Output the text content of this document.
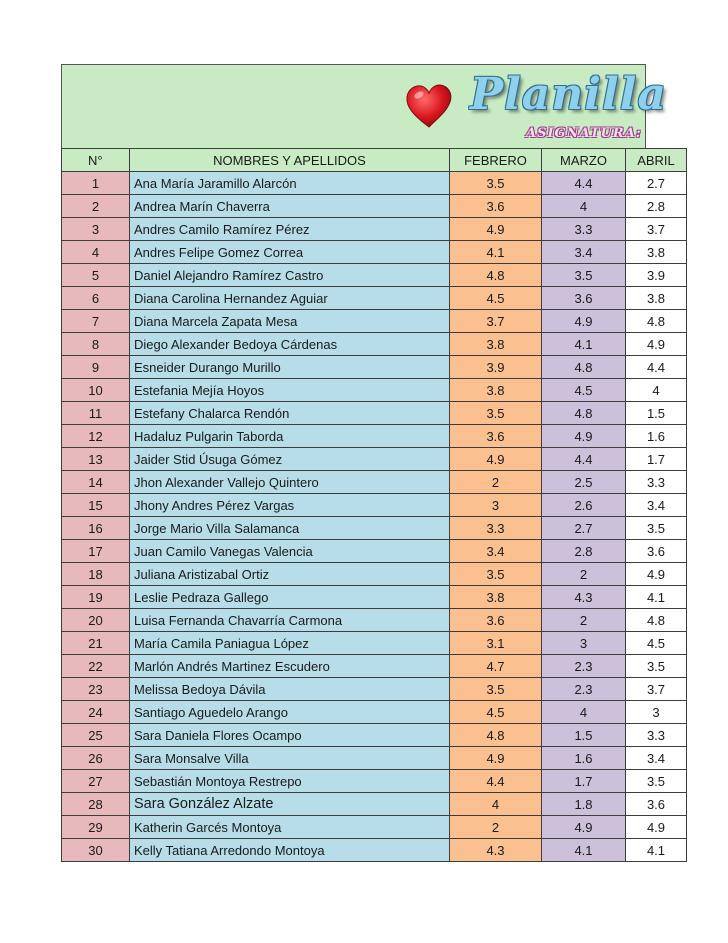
Planilla
ASIGNATURA:
N°	NOMBRES Y APELLIDOS	FEBRERO	MARZO	ABRIL
1	Ana María Jaramillo Alarcón	3.5	4.4	2.7
2	Andrea Marín Chaverra	3.6	4	2.8
3	Andres Camilo Ramírez Pérez	4.9	3.3	3.7
4	Andres Felipe Gomez Correa	4.1	3.4	3.8
5	Daniel Alejandro Ramírez Castro	4.8	3.5	3.9
6	Diana Carolina Hernandez Aguiar	4.5	3.6	3.8
7	Diana Marcela Zapata Mesa	3.7	4.9	4.8
8	Diego Alexander Bedoya Cárdenas	3.8	4.1	4.9
9	Esneider Durango Murillo	3.9	4.8	4.4
10	Estefania Mejía Hoyos	3.8	4.5	4
11	Estefany Chalarca Rendón	3.5	4.8	1.5
12	Hadaluz Pulgarin Taborda	3.6	4.9	1.6
13	Jaider Stid Úsuga Gómez	4.9	4.4	1.7
14	Jhon Alexander Vallejo Quintero	2	2.5	3.3
15	Jhony Andres Pérez Vargas	3	2.6	3.4
16	Jorge Mario Villa Salamanca	3.3	2.7	3.5
17	Juan Camilo Vanegas Valencia	3.4	2.8	3.6
18	Juliana Aristizabal Ortiz	3.5	2	4.9
19	Leslie Pedraza Gallego	3.8	4.3	4.1
20	Luisa Fernanda Chavarría Carmona	3.6	2	4.8
21	María Camila Paniagua López	3.1	3	4.5
22	Marlón Andrés Martinez Escudero	4.7	2.3	3.5
23	Melissa Bedoya Dávila	3.5	2.3	3.7
24	Santiago Aguedelo Arango	4.5	4	3
25	Sara Daniela Flores Ocampo	4.8	1.5	3.3
26	Sara Monsalve Villa	4.9	1.6	3.4
27	Sebastián Montoya Restrepo	4.4	1.7	3.5
28	Sara González Alzate	4	1.8	3.6
29	Katherin Garcés Montoya	2	4.9	4.9
30	Kelly Tatiana Arredondo Montoya	4.3	4.1	4.1
